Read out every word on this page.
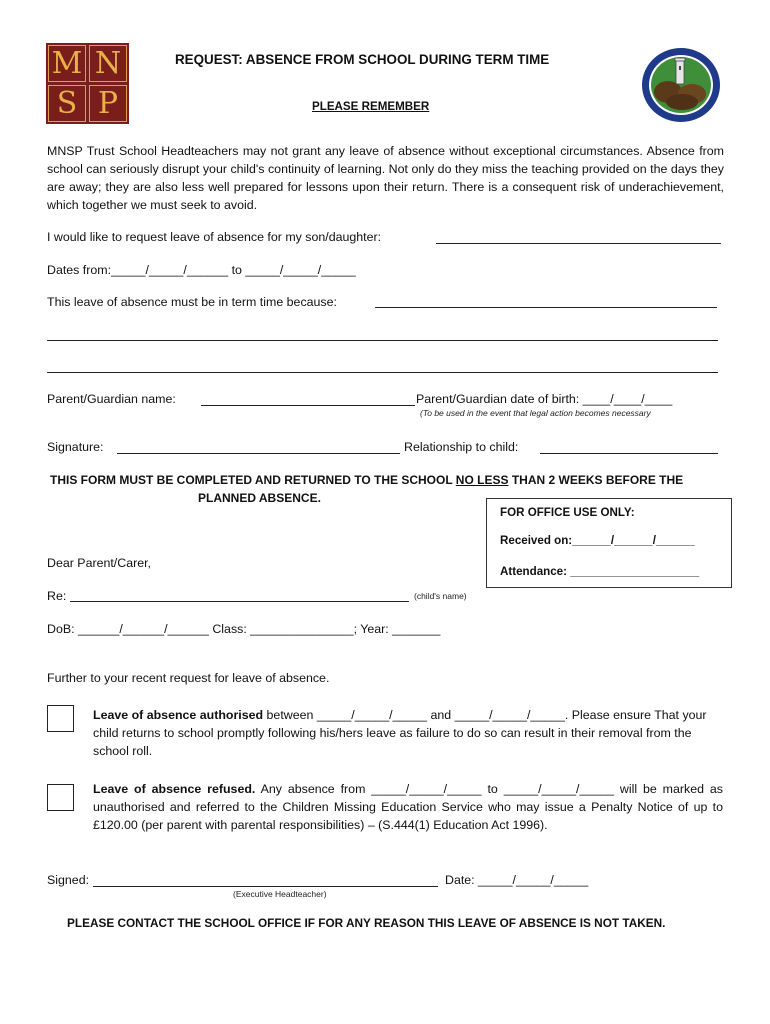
M N
S P
REQUEST: ABSENCE FROM SCHOOL DURING TERM TIME
PLEASE REMEMBER
MNSP Trust School Headteachers may not grant any leave of absence without exceptional circumstances. Absence from school can seriously disrupt your child's continuity of learning. Not only do they miss the teaching provided on the days they are away; they are also less well prepared for lessons upon their return. There is a consequent risk of underachievement, which together we must seek to avoid.
I would like to request leave of absence for my son/daughter:
Dates from:_____/_____/______ to _____/_____/_____
This leave of absence must be in term time because:
Parent/Guardian name:	Parent/Guardian date of birth: ____/____/____
(To be used in the event that legal action becomes necessary
Signature:	Relationship to child:
THIS FORM MUST BE COMPLETED AND RETURNED TO THE SCHOOL NO LESS THAN 2 WEEKS BEFORE THE
PLANNED ABSENCE.
FOR OFFICE USE ONLY:
Received on:______/______/______
Attendance: ____________________
Dear Parent/Carer,
Re:	(child's name)
DoB: ______/______/______ Class: _______________; Year: _______
Further to your recent request for leave of absence.
Leave of absence authorised between _____/_____/_____ and _____/_____/_____. Please ensure That your child returns to school promptly following his/hers leave as failure to do so can result in their removal from the school roll.
Leave of absence refused. Any absence from _____/_____/_____ to _____/_____/_____ will be marked as unauthorised and referred to the Children Missing Education Service who may issue a Penalty Notice of up to £120.00 (per parent with parental responsibilities) – (S.444(1) Education Act 1996).
Signed:	Date: _____/_____/_____
(Executive Headteacher)
PLEASE CONTACT THE SCHOOL OFFICE IF FOR ANY REASON THIS LEAVE OF ABSENCE IS NOT TAKEN.
